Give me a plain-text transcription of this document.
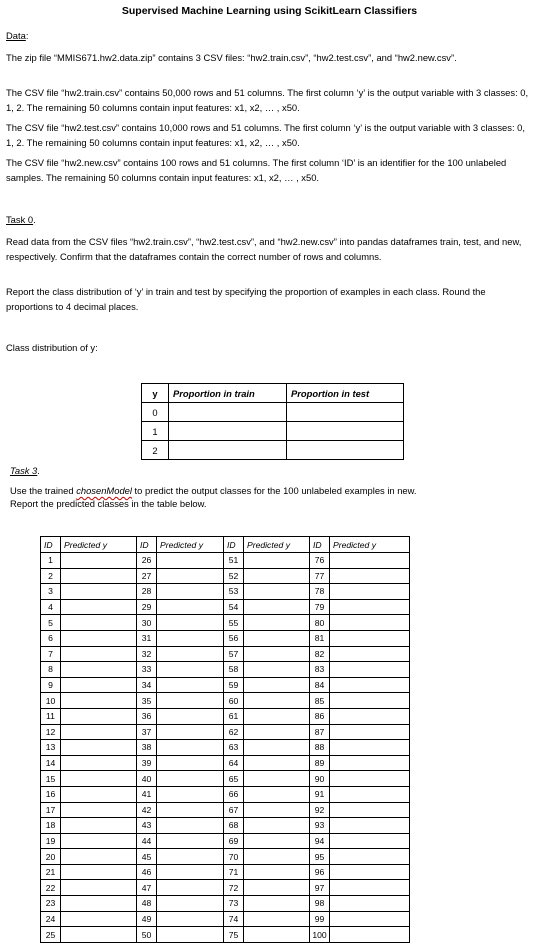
Supervised Machine Learning using ScikitLearn Classifiers
Data:
The zip file “MMIS671.hw2.data.zip” contains 3 CSV files: “hw2.train.csv”, “hw2.test.csv”, and “hw2.new.csv”.
The CSV file “hw2.train.csv” contains 50,000 rows and 51 columns. The first column ‘y’ is the output variable with 3 classes: 0, 1, 2. The remaining 50 columns contain input features: x1, x2, … , x50.
The CSV file “hw2.test.csv” contains 10,000 rows and 51 columns. The first column ‘y’ is the output variable with 3 classes: 0, 1, 2. The remaining 50 columns contain input features: x1, x2, … , x50.
The CSV file “hw2.new.csv” contains 100 rows and 51 columns. The first column ‘ID’ is an identifier for the 100 unlabeled samples. The remaining 50 columns contain input features: x1, x2, … , x50.
Task 0.
Read data from the CSV files “hw2.train.csv”, “hw2.test.csv”, and “hw2.new.csv” into pandas dataframes train, test, and new, respectively. Confirm that the dataframes contain the correct number of rows and columns.
Report the class distribution of ‘y’ in train and test by specifying the proportion of examples in each class. Round the proportions to 4 decimal places.
Class distribution of y:
y	Proportion in train	Proportion in test
0		
1		
2		
Task 3.
Use the trained chosenModel to predict the output classes for the 100 unlabeled examples in new.
Report the predicted classes in the table below.
ID	Predicted y	ID	Predicted y	ID	Predicted y	ID	Predicted y
1		26		51		76	
2		27		52		77	
3		28		53		78	
4		29		54		79	
5		30		55		80	
6		31		56		81	
7		32		57		82	
8		33		58		83	
9		34		59		84	
10		35		60		85	
11		36		61		86	
12		37		62		87	
13		38		63		88	
14		39		64		89	
15		40		65		90	
16		41		66		91	
17		42		67		92	
18		43		68		93	
19		44		69		94	
20		45		70		95	
21		46		71		96	
22		47		72		97	
23		48		73		98	
24		49		74		99	
25		50		75		100	
